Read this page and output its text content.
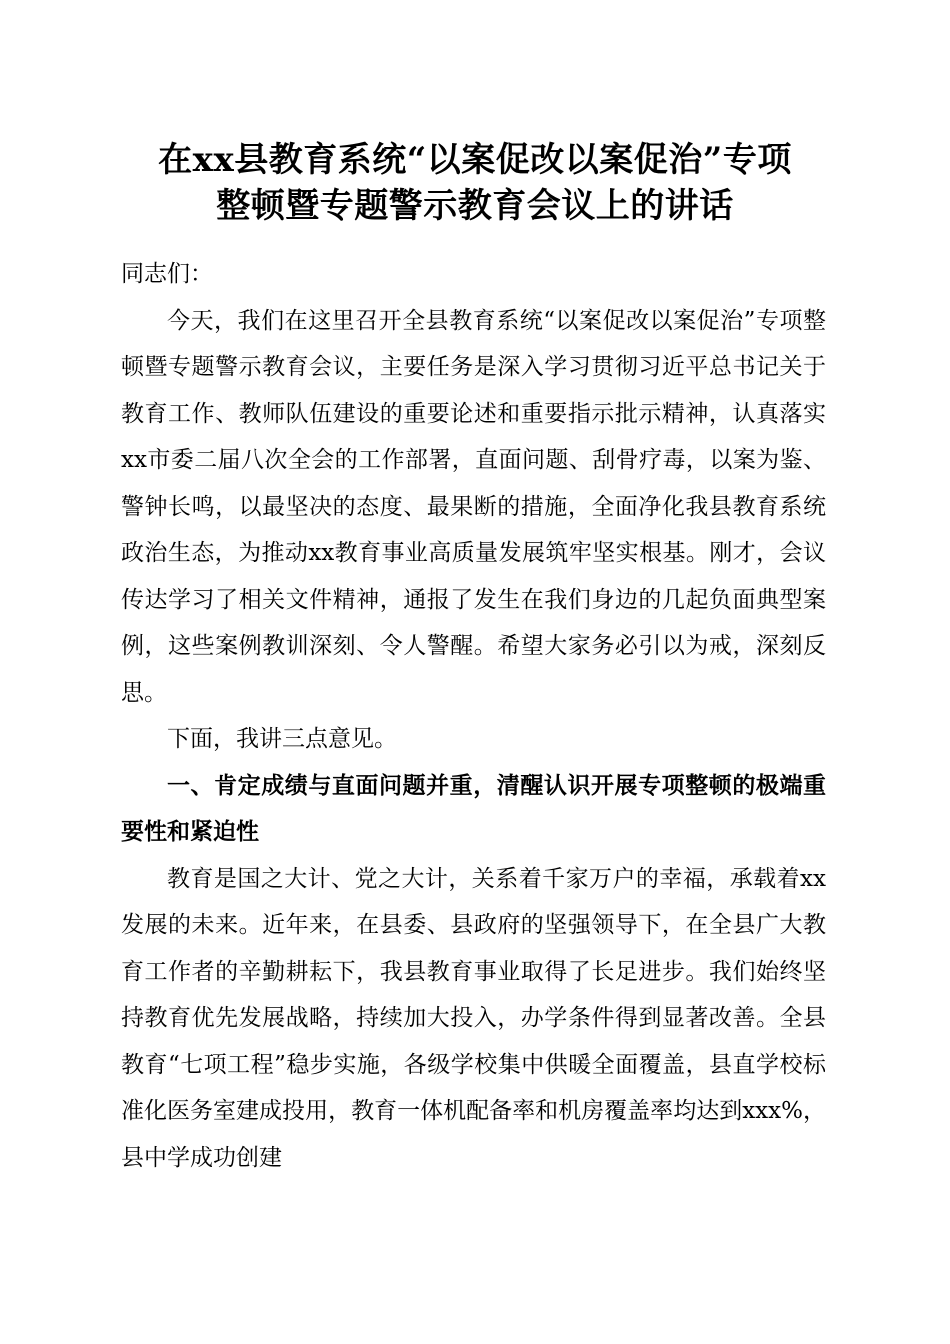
在xx县教育系统“以案促改以案促治”专项
整顿暨专题警示教育会议上的讲话

同志们：

今天，我们在这里召开全县教育系统“以案促改以案促治”专项整顿暨专题警示教育会议，主要任务是深入学习贯彻习近平总书记关于教育工作、教师队伍建设的重要论述和重要指示批示精神，认真落实xx市委二届八次全会的工作部署，直面问题、刮骨疗毒，以案为鉴、警钟长鸣，以最坚决的态度、最果断的措施，全面净化我县教育系统政治生态，为推动xx教育事业高质量发展筑牢坚实根基。刚才，会议传达学习了相关文件精神，通报了发生在我们身边的几起负面典型案例，这些案例教训深刻、令人警醒。希望大家务必引以为戒，深刻反思。

下面，我讲三点意见。

一、肯定成绩与直面问题并重，清醒认识开展专项整顿的极端重要性和紧迫性

教育是国之大计、党之大计，关系着千家万户的幸福，承载着xx发展的未来。近年来，在县委、县政府的坚强领导下，在全县广大教育工作者的辛勤耕耘下，我县教育事业取得了长足进步。我们始终坚持教育优先发展战略，持续加大投入，办学条件得到显著改善。全县教育“七项工程”稳步实施，各级学校集中供暖全面覆盖，县直学校标准化医务室建成投用，教育一体机配备率和机房覆盖率均达到xxx%，县中学成功创建
